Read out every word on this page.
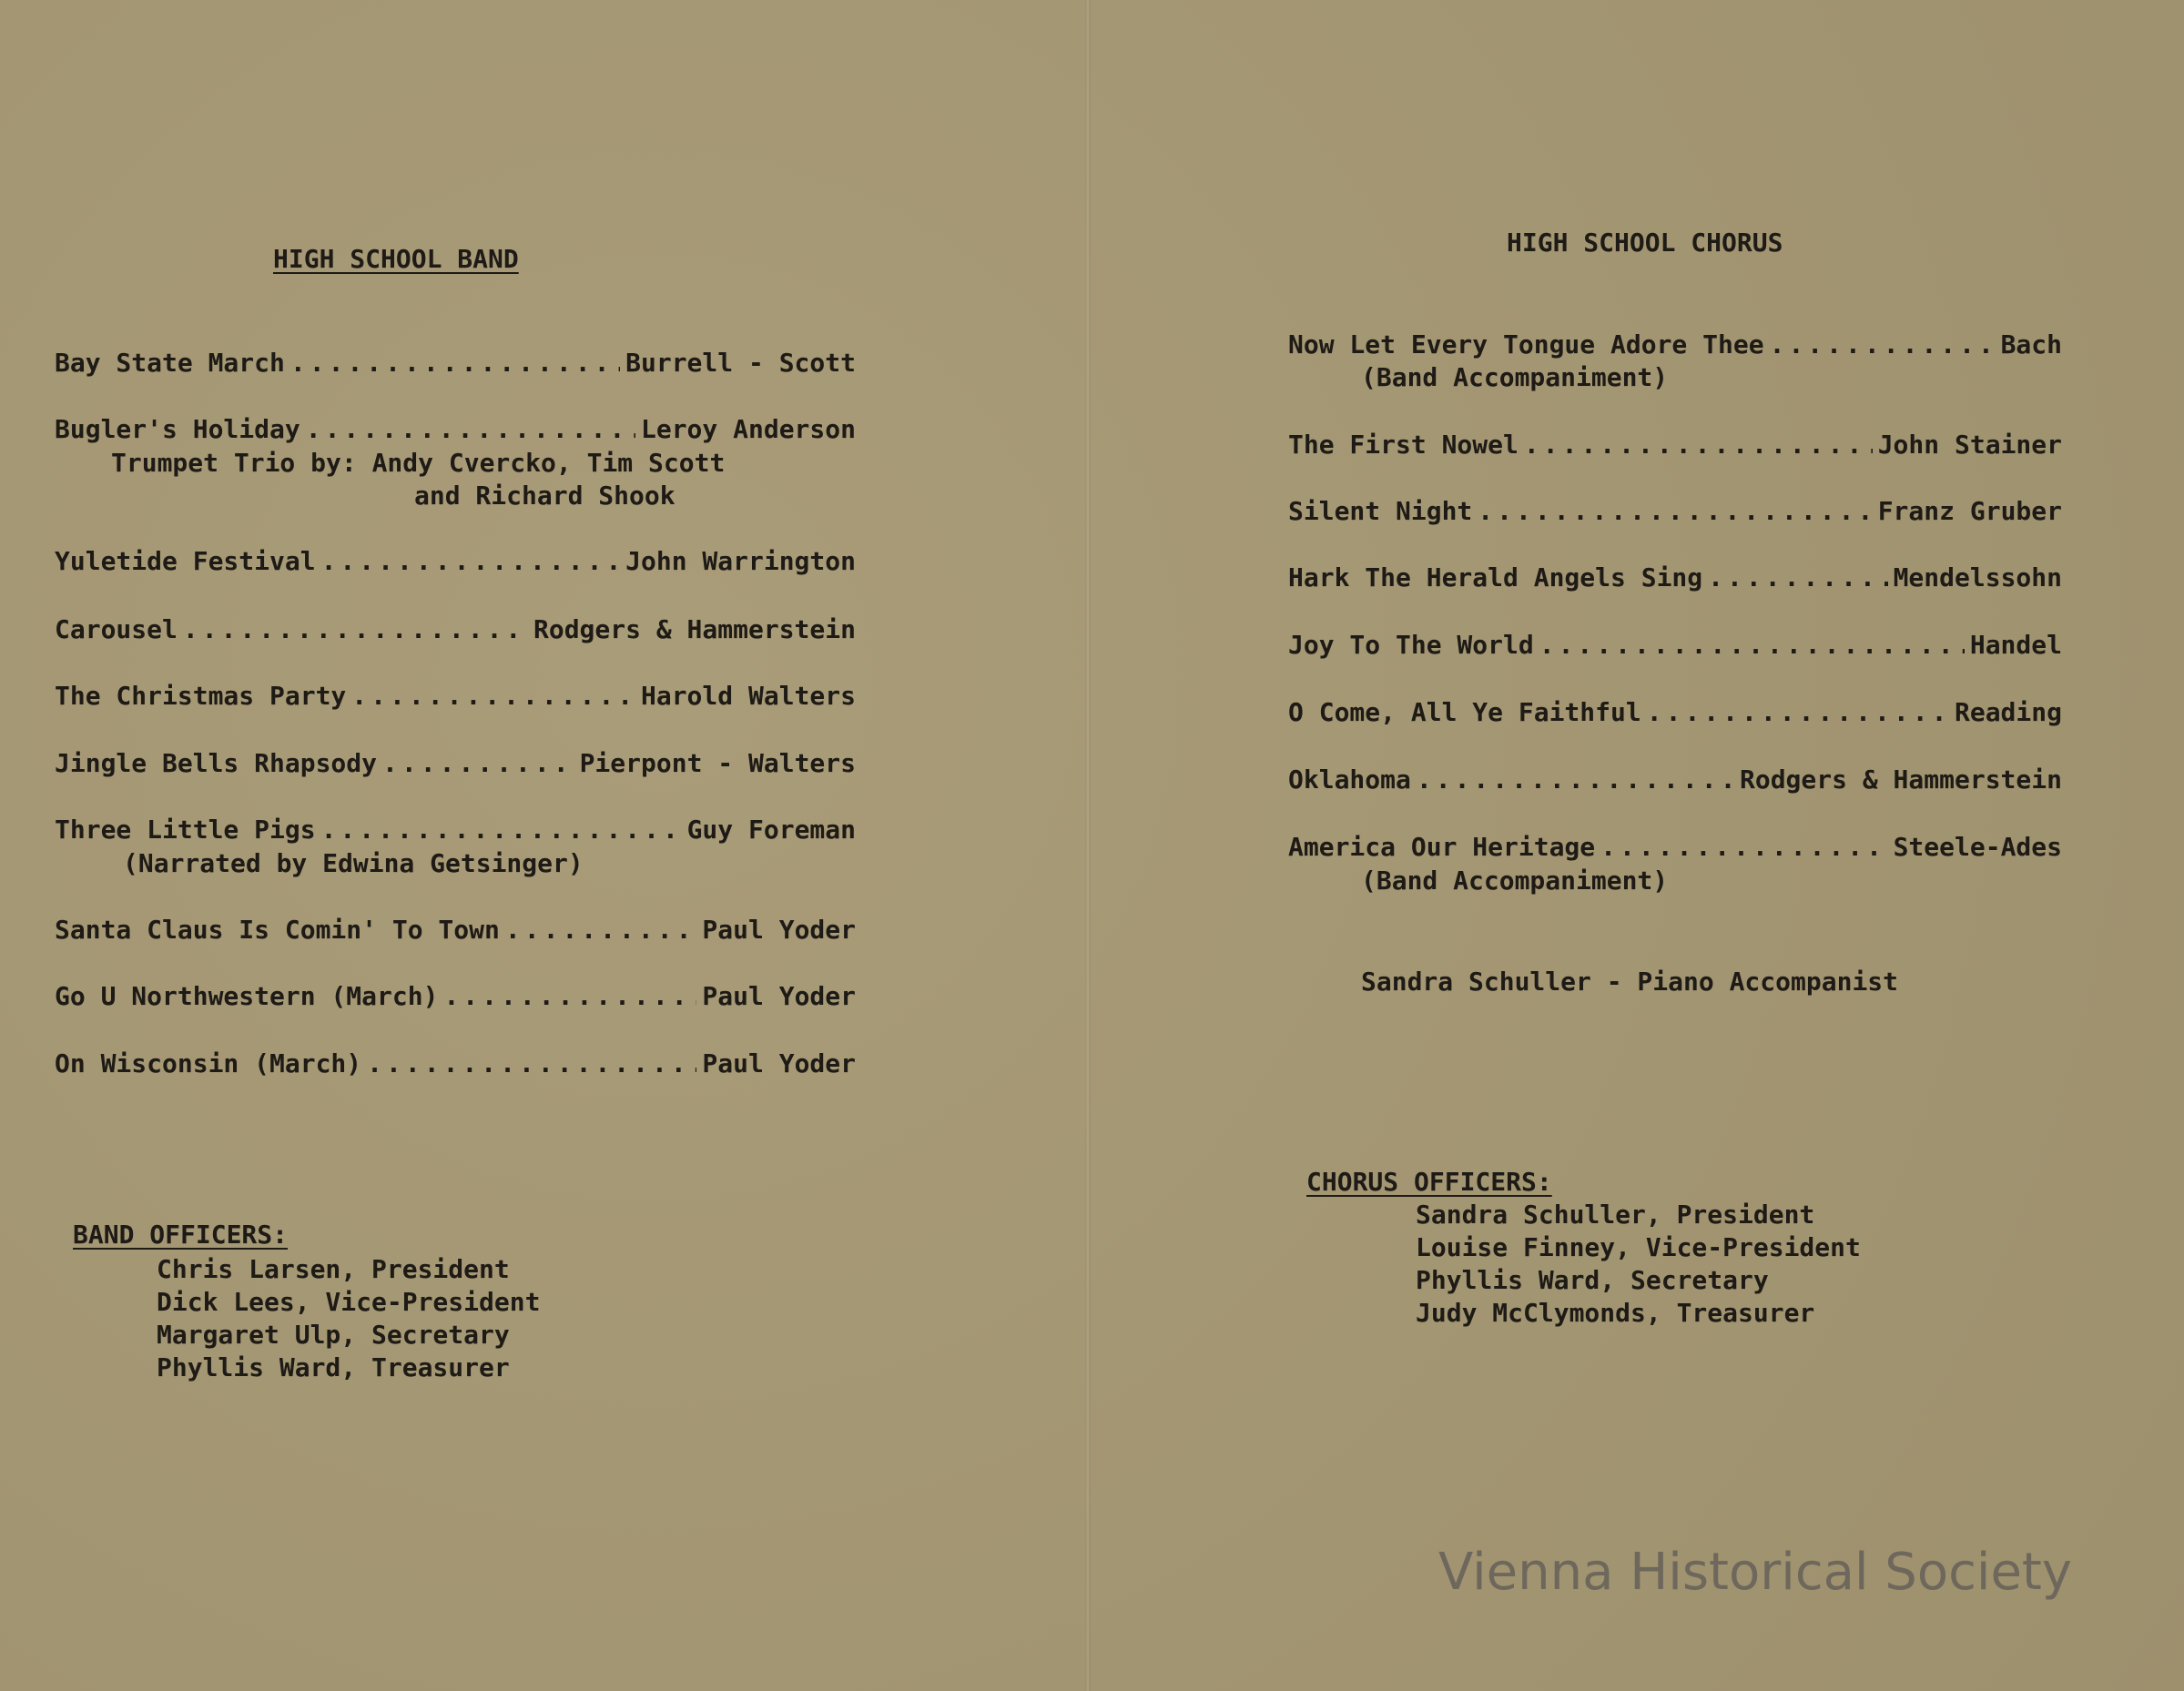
HIGH SCHOOL BAND
Bay State March .....	Burrell - Scott
Bugler's Holiday .....	Leroy Anderson
Trumpet Trio by: Andy Cvercko, Tim Scott
and Richard Shook
Yuletide Festival .....	John Warrington
Carousel .....	Rodgers & Hammerstein
The Christmas Party .....	Harold Walters
Jingle Bells Rhapsody .....	Pierpont - Walters
Three Little Pigs .....	Guy Foreman
(Narrated by Edwina Getsinger)
Santa Claus Is Comin' To Town .....	Paul Yoder
Go U Northwestern (March) .....	Paul Yoder
On Wisconsin (March) .....	Paul Yoder
BAND OFFICERS:
Chris Larsen, President
Dick Lees, Vice-President
Margaret Ulp, Secretary
Phyllis Ward, Treasurer
HIGH SCHOOL CHORUS
Now Let Every Tongue Adore Thee .....	Bach
(Band Accompaniment)
The First Nowel .....	John Stainer
Silent Night .....	Franz Gruber
Hark The Herald Angels Sing .....	Mendelssohn
Joy To The World .....	Handel
O Come, All Ye Faithful .....	Reading
Oklahoma .....	Rodgers & Hammerstein
America Our Heritage .....	Steele-Ades
(Band Accompaniment)
Sandra Schuller - Piano Accompanist
CHORUS OFFICERS:
Sandra Schuller, President
Louise Finney, Vice-President
Phyllis Ward, Secretary
Judy McClymonds, Treasurer
Vienna Historical Society
